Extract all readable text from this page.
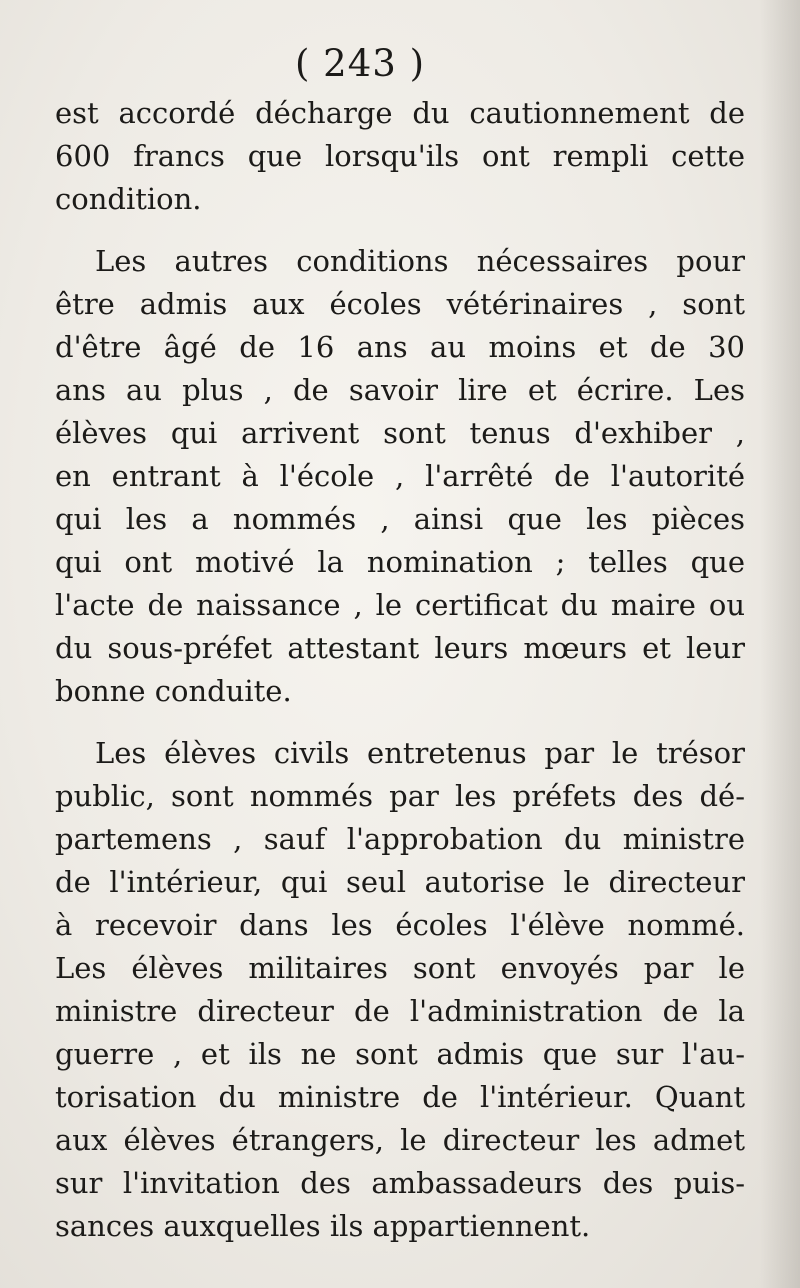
( 243 )

est accordé décharge du cautionnement de
600 francs que lorsqu'ils ont rempli cette
condition.

Les autres conditions nécessaires pour
être admis aux écoles vétérinaires , sont
d'être âgé de 16 ans au moins et de 30
ans au plus , de savoir lire et écrire. Les
élèves qui arrivent sont tenus d'exhiber ,
en entrant à l'école , l'arrêté de l'autorité
qui les a nommés , ainsi que les pièces
qui ont motivé la nomination ; telles que
l'acte de naissance , le certificat du maire ou
du sous-préfet attestant leurs mœurs et leur
bonne conduite.

Les élèves civils entretenus par le trésor
public, sont nommés par les préfets des dé-
partemens , sauf l'approbation du ministre
de l'intérieur, qui seul autorise le directeur
à recevoir dans les écoles l'élève nommé.
Les élèves militaires sont envoyés par le
ministre directeur de l'administration de la
guerre , et ils ne sont admis que sur l'au-
torisation du ministre de l'intérieur. Quant
aux élèves étrangers, le directeur les admet
sur l'invitation des ambassadeurs des puis-
sances auxquelles ils appartiennent.
